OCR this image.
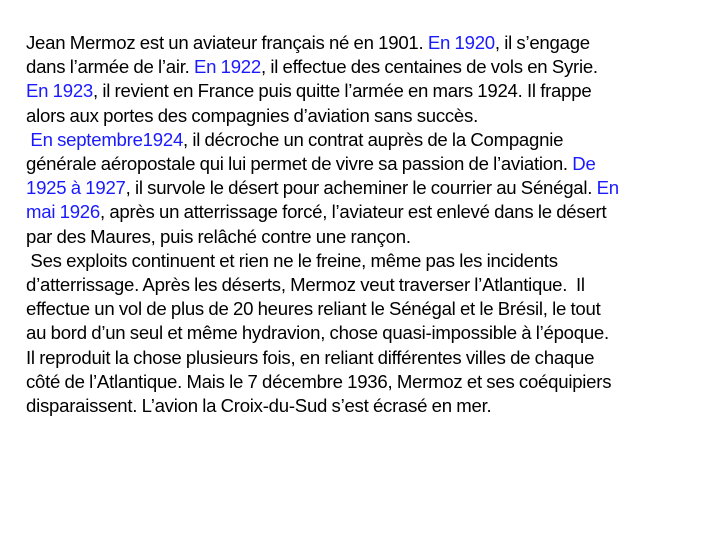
Jean Mermoz est un aviateur français né en 1901. En 1920, il s’engage
dans l’armée de l’air. En 1922, il effectue des centaines de vols en Syrie.
En 1923, il revient en France puis quitte l’armée en mars 1924. Il frappe
alors aux portes des compagnies d’aviation sans succès.
En septembre1924, il décroche un contrat auprès de la Compagnie
générale aéropostale qui lui permet de vivre sa passion de l’aviation. De
1925 à 1927, il survole le désert pour acheminer le courrier au Sénégal. En
mai 1926, après un atterrissage forcé, l’aviateur est enlevé dans le désert
par des Maures, puis relâché contre une rançon.
Ses exploits continuent et rien ne le freine, même pas les incidents
d’atterrissage. Après les déserts, Mermoz veut traverser l’Atlantique.  Il
effectue un vol de plus de 20 heures reliant le Sénégal et le Brésil, le tout
au bord d’un seul et même hydravion, chose quasi-impossible à l’époque.
Il reproduit la chose plusieurs fois, en reliant différentes villes de chaque
côté de l’Atlantique. Mais le 7 décembre 1936, Mermoz et ses coéquipiers
disparaissent. L’avion la Croix-du-Sud s’est écrasé en mer.
